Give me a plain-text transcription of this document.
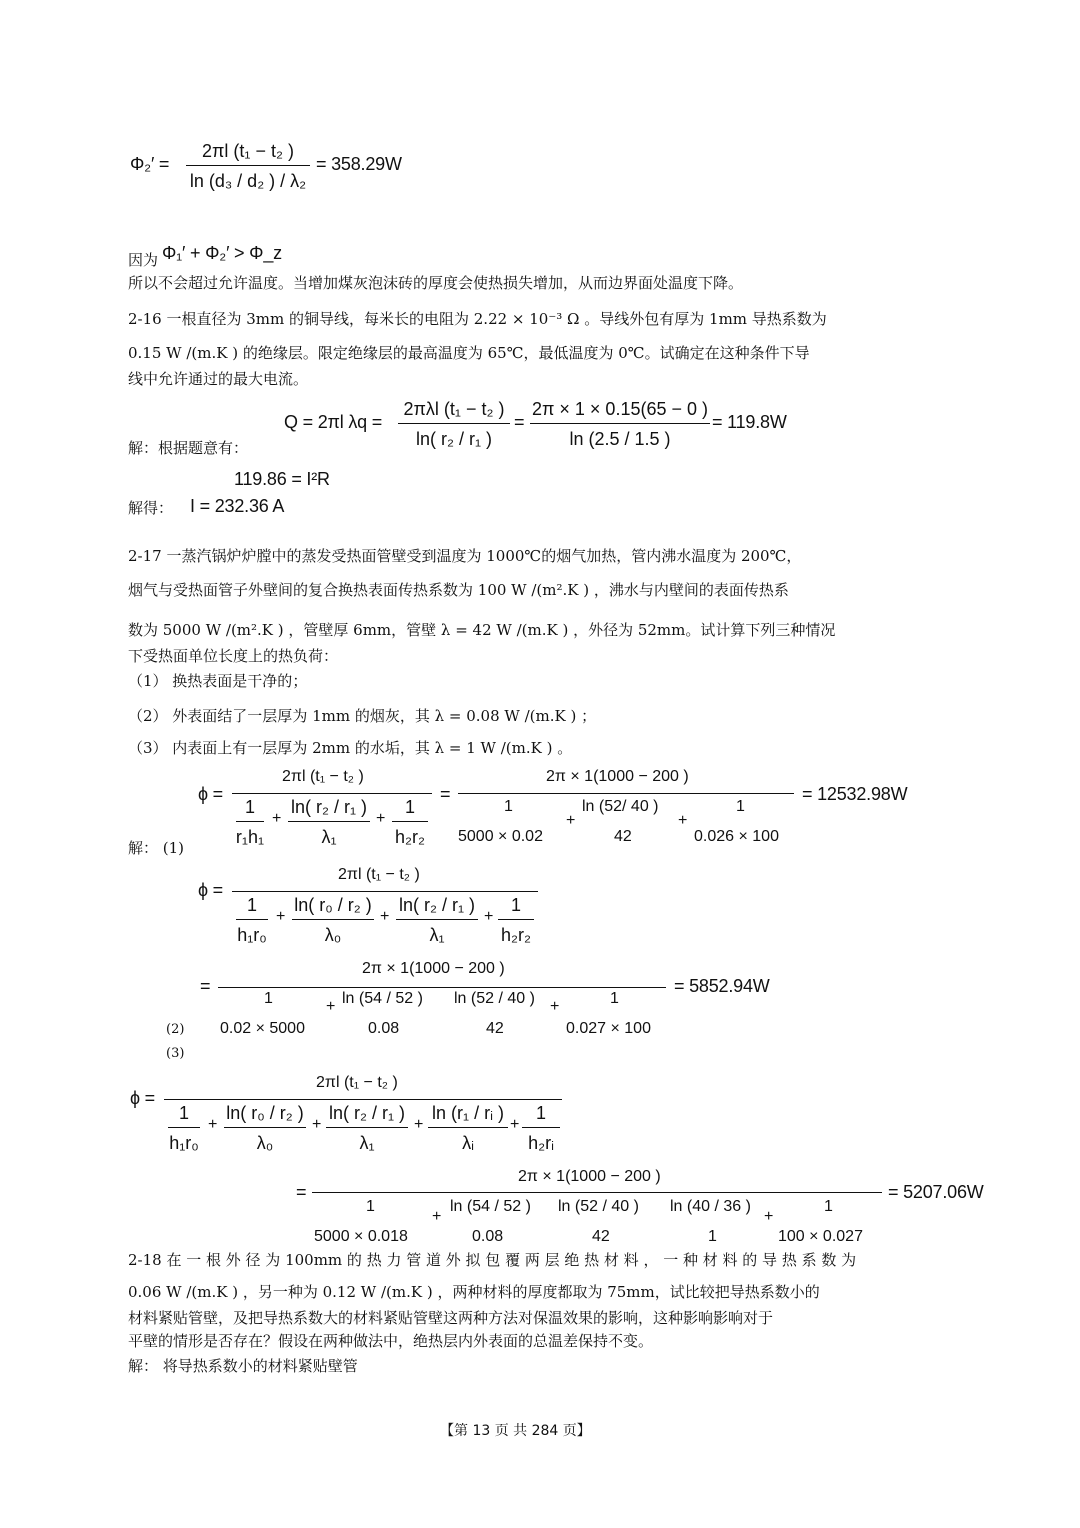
Φ₂′ =
2πl (t₁ − t₂ )
ln (d₃ / d₂ ) / λ₂
= 358.29W
因为 Φ₁′ + Φ₂′ > Φ_z
所以不会超过允许温度。当增加煤灰泡沫砖的厚度会使热损失增加，从而边界面处温度下降。
2-16 一根直径为 3mm 的铜导线，每米长的电阻为 2.22 × 10⁻³ Ω 。导线外包有厚为 1mm 导热系数为
0.15 W /(m.K ) 的绝缘层。限定绝缘层的最高温度为 65℃，最低温度为 0℃。试确定在这种条件下导
线中允许通过的最大电流。
Q = 2πl λq =
2πλl (t₁ − t₂ )
ln( r₂ / r₁ )
=
2π × 1 × 0.15(65 − 0 )
ln (2.5 / 1.5 )
= 119.8W
解：根据题意有：
119.86 = I²R
解得： I = 232.36 A
2-17 一蒸汽锅炉炉膛中的蒸发受热面管壁受到温度为 1000℃的烟气加热，管内沸水温度为 200℃，
烟气与受热面管子外壁间的复合换热表面传热系数为 100 W /(m².K ) ，沸水与内壁间的表面传热系
数为 5000 W /(m².K ) ，管壁厚 6mm，管壁 λ = 42 W /(m.K ) ，外径为 52mm。试计算下列三种情况
下受热面单位长度上的热负荷：
（1） 换热表面是干净的；
（2） 外表面结了一层厚为 1mm 的烟灰，其 λ = 0.08 W /(m.K ) ；
（3） 内表面上有一层厚为 2mm 的水垢，其 λ = 1 W /(m.K ) 。
ϕ =
2πl (t₁ − t₂ )
1
r₁h₁
+
ln( r₂ / r₁ )
λ₁
+
1
h₂r₂
=
2π × 1(1000 − 200 )
1
5000 × 0.02
+
ln (52/ 40 )
42
+
1
0.026 × 100
= 12532.98W
解： (1)
ϕ =
2πl (t₁ − t₂ )
1
h₁r₀
+
ln( r₀ / r₂ )
λ₀
+
ln( r₂ / r₁ )
λ₁
+
1
h₂r₂
=
2π × 1(1000 − 200 )
1
0.02 × 5000
+ ln (54 / 52 )
0.08
ln (52 / 40 )
42
+	1
0.027 × 100
= 5852.94W
(2)
(3)
ϕ =
2πl (t₁ − t₂ )
1
h₁r₀
+
ln( r₀ / r₂ )
λ₀
+
ln( r₂ / r₁ )
λ₁
+
ln (r₁ / rᵢ )
λᵢ
+
1
h₂rᵢ
=
2π × 1(1000 − 200 )
1
5000 × 0.018
+
ln (54 / 52 )
0.08
ln (52 / 40 )
42
ln (40 / 36 )
1
+
1
100 × 0.027
= 5207.06W
2-18 在 一 根 外 径 为 100mm 的 热 力 管 道 外 拟 包 覆 两 层 绝 热 材 料 ， 一 种 材 料 的 导 热 系 数 为
0.06 W /(m.K ) ，另一种为 0.12 W /(m.K ) ，两种材料的厚度都取为 75mm，试比较把导热系数小的
材料紧贴管壁，及把导热系数大的材料紧贴管壁这两种方法对保温效果的影响，这种影响影响对于
平壁的情形是否存在？假设在两种做法中，绝热层内外表面的总温差保持不变。
解： 将导热系数小的材料紧贴壁管
【第 13 页 共 284 页】
